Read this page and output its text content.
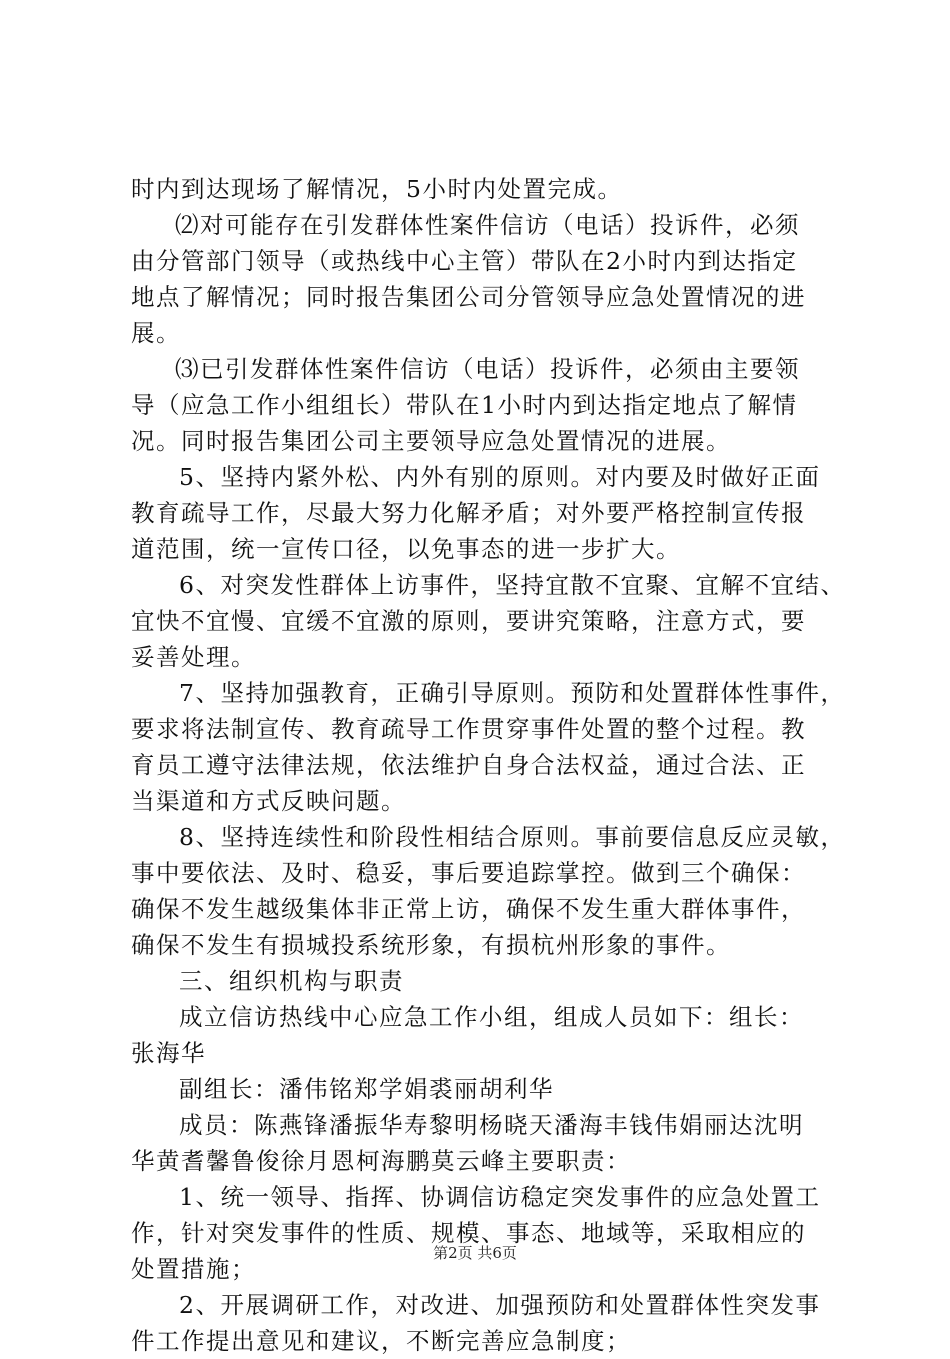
时内到达现场了解情况，5小时内处置完成。
⑵对可能存在引发群体性案件信访（电话）投诉件，必须
由分管部门领导（或热线中心主管）带队在2小时内到达指定
地点了解情况；同时报告集团公司分管领导应急处置情况的进
展。
⑶已引发群体性案件信访（电话）投诉件，必须由主要领
导（应急工作小组组长）带队在1小时内到达指定地点了解情
况。同时报告集团公司主要领导应急处置情况的进展。
5、坚持内紧外松、内外有别的原则。对内要及时做好正面
教育疏导工作，尽最大努力化解矛盾；对外要严格控制宣传报
道范围，统一宣传口径，以免事态的进一步扩大。
6、对突发性群体上访事件，坚持宜散不宜聚、宜解不宜结、
宜快不宜慢、宜缓不宜激的原则，要讲究策略，注意方式，要
妥善处理。
7、坚持加强教育，正确引导原则。预防和处置群体性事件，
要求将法制宣传、教育疏导工作贯穿事件处置的整个过程。教
育员工遵守法律法规，依法维护自身合法权益，通过合法、正
当渠道和方式反映问题。
8、坚持连续性和阶段性相结合原则。事前要信息反应灵敏，
事中要依法、及时、稳妥，事后要追踪掌控。做到三个确保：
确保不发生越级集体非正常上访，确保不发生重大群体事件，
确保不发生有损城投系统形象，有损杭州形象的事件。
三、组织机构与职责
成立信访热线中心应急工作小组，组成人员如下：组长：
张海华
副组长：潘伟铭郑学娟裘丽胡利华
成员：陈燕锋潘振华寿黎明杨晓天潘海丰钱伟娟丽达沈明
华黄耆馨鲁俊徐月恩柯海鹏莫云峰主要职责：
1、统一领导、指挥、协调信访稳定突发事件的应急处置工
作，针对突发事件的性质、规模、事态、地域等，采取相应的
处置措施；
2、开展调研工作，对改进、加强预防和处置群体性突发事
件工作提出意见和建议，不断完善应急制度；
第2页 共6页
